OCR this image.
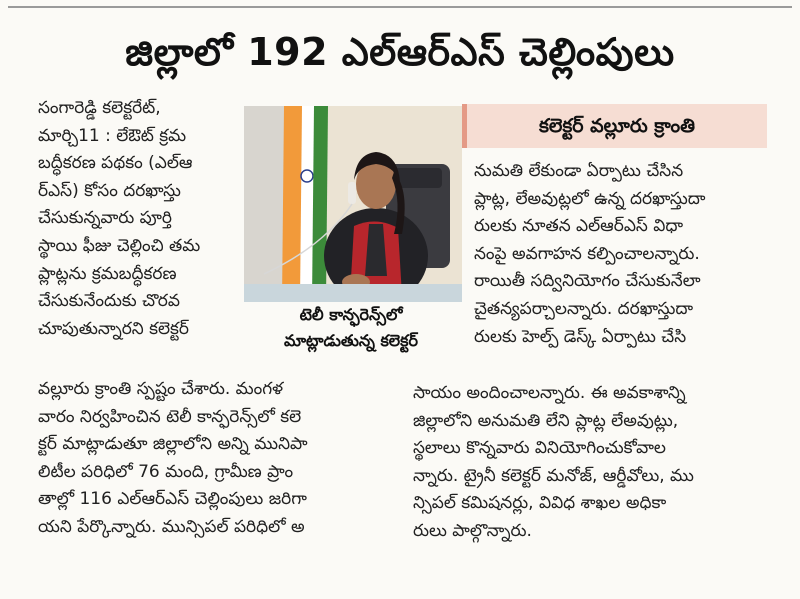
జిల్లాలో 192 ఎల్ఆర్ఎస్ చెల్లింపులు
సంగారెడ్డి కలెక్టరేట్,
మార్చి11 : లేఔట్ క్రమ
బద్ధీకరణ పథకం (ఎల్ఆ
ర్ఎస్) కోసం దరఖాస్తు
చేసుకున్నవారు పూర్తి
స్థాయి ఫీజు చెల్లించి తమ
ప్లాట్లను క్రమబద్ధీకరణ
చేసుకునేందుకు చొరవ
చూపుతున్నారని కలెక్టర్
టెలీ కాన్ఫరెన్స్‌లో
మాట్లాడుతున్న కలెక్టర్
కలెక్టర్ వల్లూరు క్రాంతి
నుమతి లేకుండా ఏర్పాటు చేసిన
ప్లాట్ల, లేఅవుట్లలో ఉన్న దరఖాస్తుదా
రులకు నూతన ఎల్ఆర్ఎస్ విధా
నంపై అవగాహన కల్పించాలన్నారు.
రాయితీ సద్వినియోగం చేసుకునేలా
చైతన్యపర్చాలన్నారు. దరఖాస్తుదా
రులకు హెల్ప్ డెస్క్ ఏర్పాటు చేసి
వల్లూరు క్రాంతి స్పష్టం చేశారు. మంగళ
వారం నిర్వహించిన టెలీ కాన్ఫరెన్స్‌లో కలె
క్టర్ మాట్లాడుతూ జిల్లాలోని అన్ని మునిపా
లిటీల పరిధిలో 76 మంది, గ్రామీణ ప్రాం
తాల్లో 116 ఎల్ఆర్ఎస్ చెల్లింపులు జరిగా
యని పేర్కొన్నారు. మున్సిపల్ పరిధిలో అ
సాయం అందించాలన్నారు. ఈ అవకాశాన్ని
జిల్లాలోని అనుమతి లేని ప్లాట్ల లేఅవుట్లు,
స్థలాలు కొన్నవారు వినియోగించుకోవాల
న్నారు. ట్రైనీ కలెక్టర్ మనోజ్, ఆర్డీవోలు, ము
న్సిపల్ కమిషనర్లు, వివిధ శాఖల అధికా
రులు పాల్గొన్నారు.
